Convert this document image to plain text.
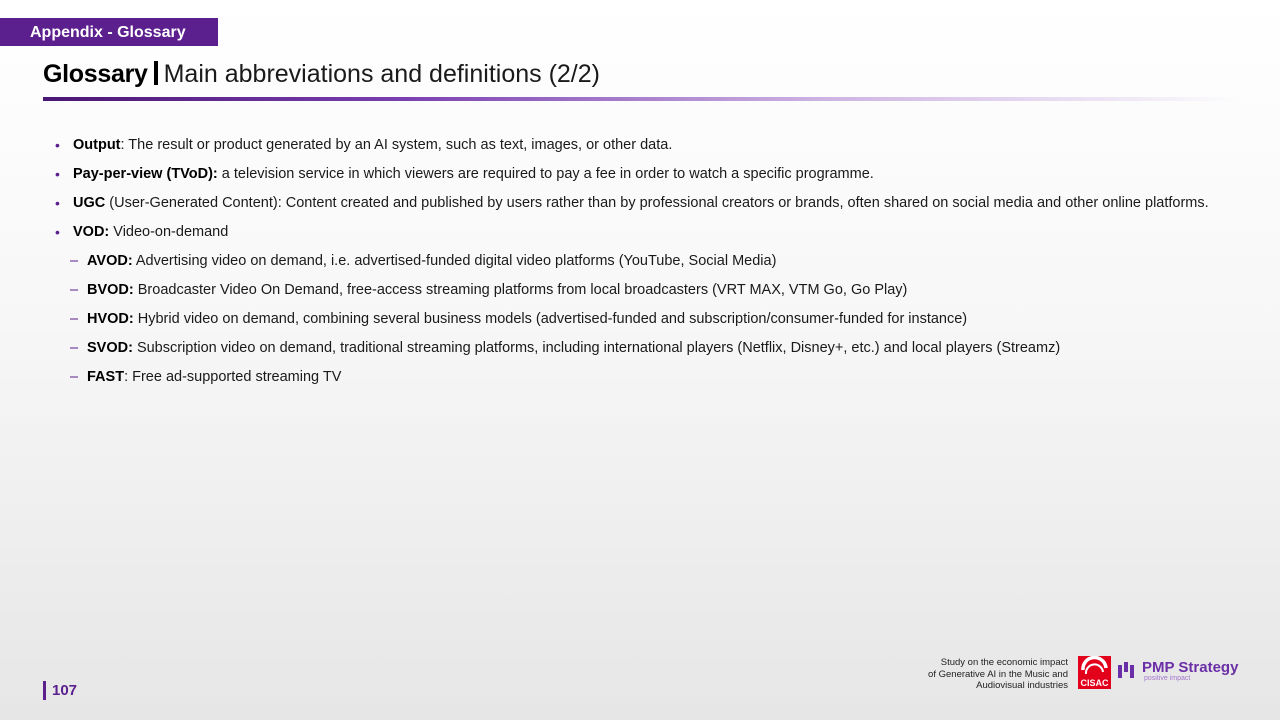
Appendix - Glossary
Glossary Main abbreviations and definitions (2/2)
• Output: The result or product generated by an AI system, such as text, images, or other data.
• Pay-per-view (TVoD): a television service in which viewers are required to pay a fee in order to watch a specific programme.
• UGC (User-Generated Content): Content created and published by users rather than by professional creators or brands, often shared on social media and other online platforms.
• VOD: Video-on-demand
– AVOD: Advertising video on demand, i.e. advertised-funded digital video platforms (YouTube, Social Media)
– BVOD: Broadcaster Video On Demand, free-access streaming platforms from local broadcasters (VRT MAX, VTM Go, Go Play)
– HVOD: Hybrid video on demand, combining several business models (advertised-funded and subscription/consumer-funded for instance)
– SVOD: Subscription video on demand, traditional streaming platforms, including international players (Netflix, Disney+, etc.) and local players (Streamz)
– FAST: Free ad-supported streaming TV
107
Study on the economic impact
of Generative AI in the Music and
Audiovisual industries CISAC
PMP Strategy
positive impact
